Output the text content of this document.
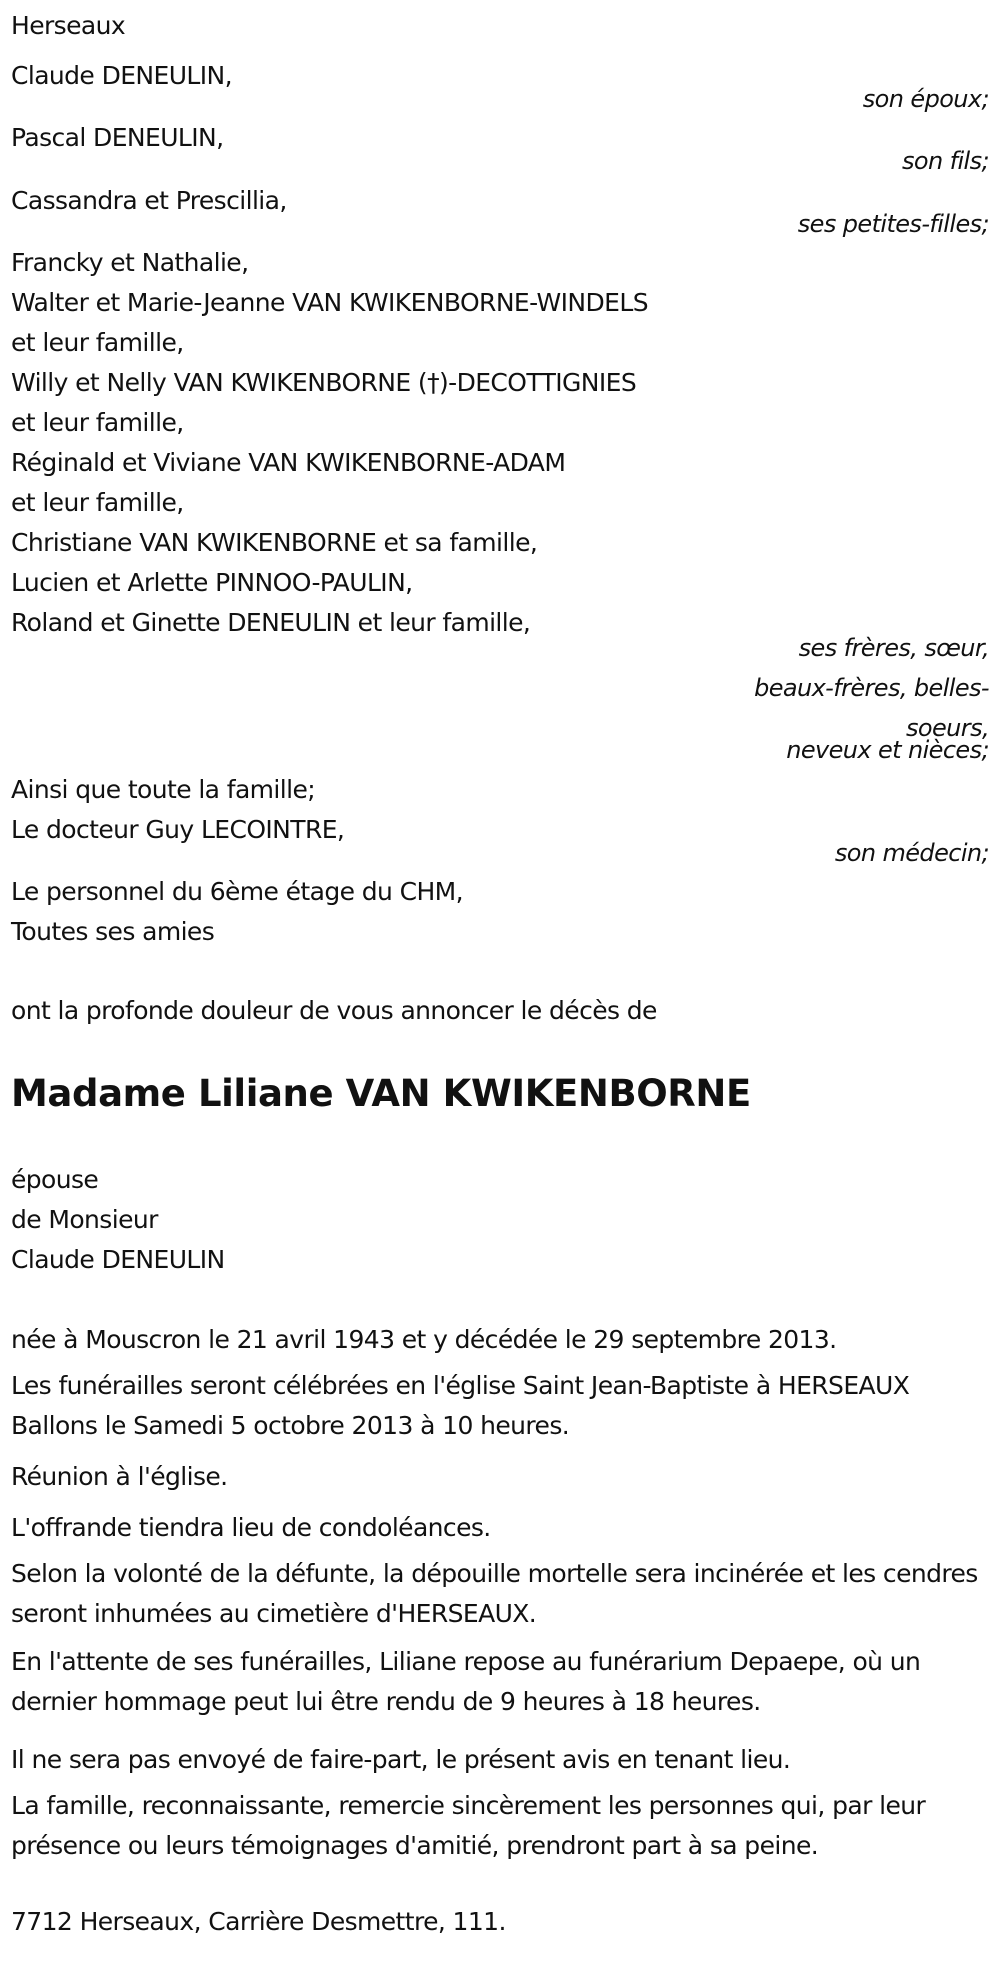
Herseaux
Claude DENEULIN,
son époux;
Pascal DENEULIN,
son fils;
Cassandra et Prescillia,
ses petites-filles;
Francky et Nathalie,
Walter et Marie-Jeanne VAN KWIKENBORNE-WINDELS
et leur famille,
Willy et Nelly VAN KWIKENBORNE (†)-DECOTTIGNIES
et leur famille,
Réginald et Viviane VAN KWIKENBORNE-ADAM
et leur famille,
Christiane VAN KWIKENBORNE et sa famille,
Lucien et Arlette PINNOO-PAULIN,
Roland et Ginette DENEULIN et leur famille,
ses frères, sœur,
beaux-frères, belles-
soeurs,
neveux et nièces;
Ainsi que toute la famille;
Le docteur Guy LECOINTRE,
son médecin;
Le personnel du 6ème étage du CHM,
Toutes ses amies
ont la profonde douleur de vous annoncer le décès de
Madame Liliane VAN KWIKENBORNE
épouse
de Monsieur
Claude DENEULIN
née à Mouscron le 21 avril 1943 et y décédée le 29 septembre 2013.
Les funérailles seront célébrées en l'église Saint Jean-Baptiste à HERSEAUX Ballons le Samedi 5 octobre 2013 à 10 heures.
Réunion à l'église.
L'offrande tiendra lieu de condoléances.
Selon la volonté de la défunte, la dépouille mortelle sera incinérée et les cendres seront inhumées au cimetière d'HERSEAUX.
En l'attente de ses funérailles, Liliane repose au funérarium Depaepe, où un dernier hommage peut lui être rendu de 9 heures à 18 heures.
Il ne sera pas envoyé de faire-part, le présent avis en tenant lieu.
La famille, reconnaissante, remercie sincèrement les personnes qui, par leur présence ou leurs témoignages d'amitié, prendront part à sa peine.
7712 Herseaux, Carrière Desmettre, 111.
